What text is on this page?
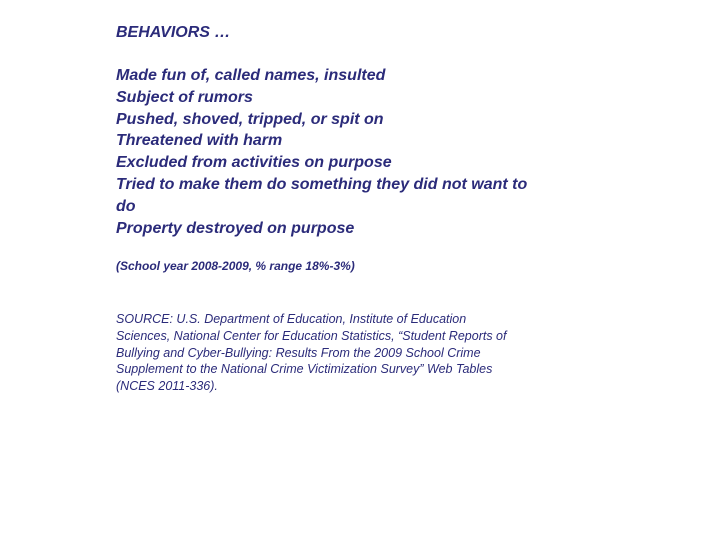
BEHAVIORS …
Made fun of, called names, insulted
Subject of rumors
Pushed, shoved, tripped, or spit on
Threatened with harm
Excluded from activities on purpose
Tried to make them do something they did not want to do
Property destroyed on purpose
(School year 2008-2009, % range 18%-3%)
SOURCE: U.S. Department of Education, Institute of Education Sciences, National Center for Education Statistics, “Student Reports of Bullying and Cyber-Bullying: Results From the 2009 School Crime Supplement to the National Crime Victimization Survey” Web Tables (NCES 2011-336).
